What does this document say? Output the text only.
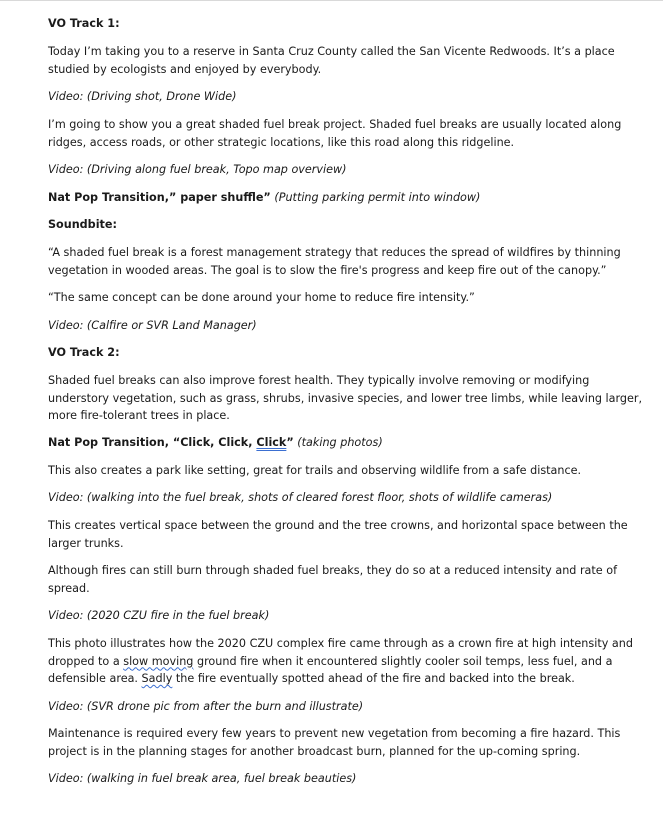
VO Track 1:

Today I’m taking you to a reserve in Santa Cruz County called the San Vicente Redwoods. It’s a place studied by ecologists and enjoyed by everybody.

Video: (Driving shot, Drone Wide)

I’m going to show you a great shaded fuel break project. Shaded fuel breaks are usually located along ridges, access roads, or other strategic locations, like this road along this ridgeline.

Video: (Driving along fuel break, Topo map overview)

Nat Pop Transition,” paper shuffle” (Putting parking permit into window)

Soundbite:

“A shaded fuel break is a forest management strategy that reduces the spread of wildfires by thinning vegetation in wooded areas. The goal is to slow the fire's progress and keep fire out of the canopy.”

“The same concept can be done around your home to reduce fire intensity.”

Video: (Calfire or SVR Land Manager)

VO Track 2:

Shaded fuel breaks can also improve forest health. They typically involve removing or modifying understory vegetation, such as grass, shrubs, invasive species, and lower tree limbs, while leaving larger, more fire-tolerant trees in place.

Nat Pop Transition, “Click, Click, Click” (taking photos)

This also creates a park like setting, great for trails and observing wildlife from a safe distance.

Video: (walking into the fuel break, shots of cleared forest floor, shots of wildlife cameras)

This creates vertical space between the ground and the tree crowns, and horizontal space between the larger trunks.

Although fires can still burn through shaded fuel breaks, they do so at a reduced intensity and rate of spread.

Video: (2020 CZU fire in the fuel break)

This photo illustrates how the 2020 CZU complex fire came through as a crown fire at high intensity and dropped to a slow moving ground fire when it encountered slightly cooler soil temps, less fuel, and a defensible area. Sadly the fire eventually spotted ahead of the fire and backed into the break.

Video: (SVR drone pic from after the burn and illustrate)

Maintenance is required every few years to prevent new vegetation from becoming a fire hazard. This project is in the planning stages for another broadcast burn, planned for the up-coming spring.

Video: (walking in fuel break area, fuel break beauties)
